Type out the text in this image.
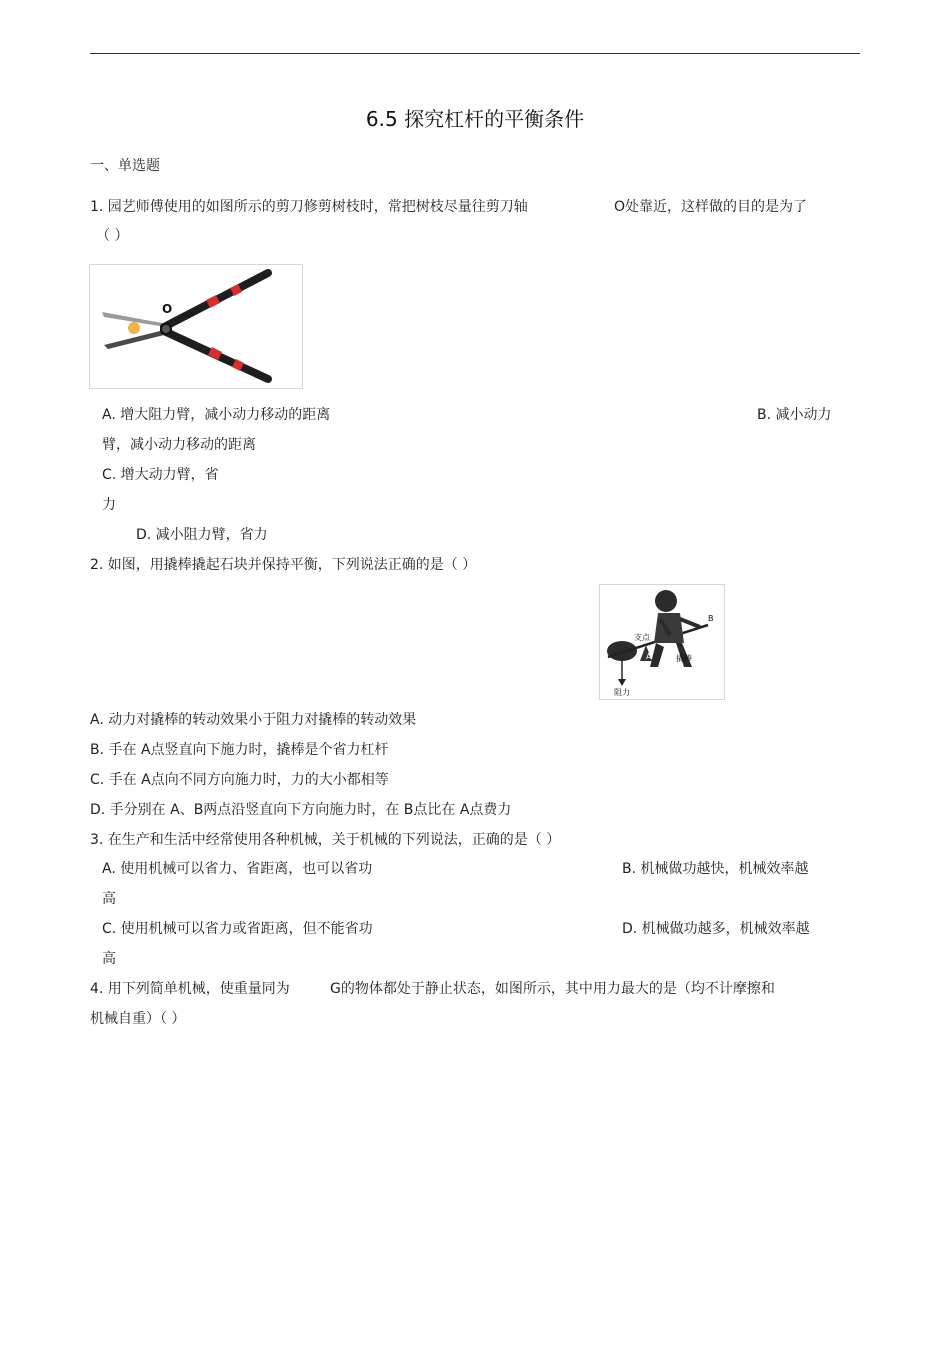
6.5 探究杠杆的平衡条件
一、单选题
1. 园艺师傅使用的如图所示的剪刀修剪树枝时，常把树枝尽量往剪刀轴	O处靠近，这样做的目的是为了
（ ）
O
A. 增大阻力臂，减小动力移动的距离	B. 减小动力
臂，减小动力移动的距离
C. 增大动力臂，省
力
D. 减小阻力臂，省力
2. 如图，用撬棒撬起石块并保持平衡，下列说法正确的是（ ）
支点
阻力
A
B
撬棒
A. 动力对撬棒的转动效果小于阻力对撬棒的转动效果
B. 手在 A点竖直向下施力时，撬棒是个省力杠杆
C. 手在 A点向不同方向施力时，力的大小都相等
D. 手分别在 A、B两点沿竖直向下方向施力时，在 B点比在 A点费力
3. 在生产和生活中经常使用各种机械，关于机械的下列说法，正确的是（ ）
A. 使用机械可以省力、省距离，也可以省功	B. 机械做功越快，机械效率越
高
C. 使用机械可以省力或省距离，但不能省功	D. 机械做功越多，机械效率越
高
4. 用下列简单机械，使重量同为	G的物体都处于静止状态，如图所示，其中用力最大的是（均不计摩擦和
机械自重）（ ）
